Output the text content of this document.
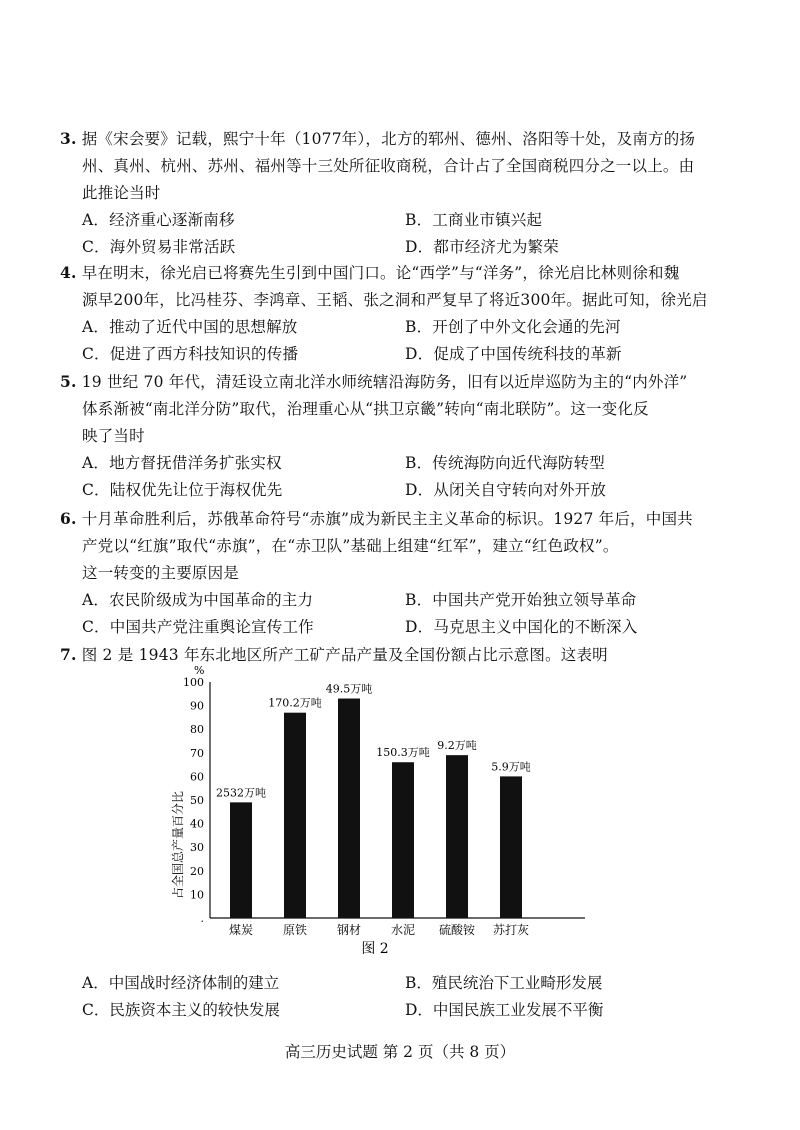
3. 据《宋会要》记载，熙宁十年（1077年），北方的郓州、德州、洛阳等十处，及南方的扬
州、真州、杭州、苏州、福州等十三处所征收商税，合计占了全国商税四分之一以上。由
此推论当时
A．经济重心逐渐南移	B．工商业市镇兴起
C．海外贸易非常活跃	D．都市经济尤为繁荣
4. 早在明末，徐光启已将赛先生引到中国门口。论“西学”与“洋务”，徐光启比林则徐和魏
源早200年，比冯桂芬、李鸿章、王韬、张之洞和严复早了将近300年。据此可知，徐光启
A．推动了近代中国的思想解放	B．开创了中外文化会通的先河
C．促进了西方科技知识的传播	D．促成了中国传统科技的革新
5. 19 世纪 70 年代，清廷设立南北洋水师统辖沿海防务，旧有以近岸巡防为主的“内外洋”
体系渐被“南北洋分防”取代，治理重心从“拱卫京畿”转向“南北联防”。这一变化反
映了当时
A．地方督抚借洋务扩张实权	B．传统海防向近代海防转型
C．陆权优先让位于海权优先	D．从闭关自守转向对外开放
6. 十月革命胜利后，苏俄革命符号“赤旗”成为新民主主义革命的标识。1927 年后，中国共
产党以“红旗”取代“赤旗”，在“赤卫队”基础上组建“红军”，建立“红色政权”。
这一转变的主要原因是
A．农民阶级成为中国革命的主力	B．中国共产党开始独立领导革命
C．中国共产党注重舆论宣传工作	D．马克思主义中国化的不断深入
7. 图 2 是 1943 年东北地区所产工矿产品产量及全国份额占比示意图。这表明
%
占全国总产量百分比
100
90
80
70
60
50
40
30
20
10
.
煤炭 原铁 钢材 水泥 硫酸铵 苏打灰
2532万吨
170.2万吨
49.5万吨
150.3万吨
9.2万吨
5.9万吨
图 2
A．中国战时经济体制的建立	B．殖民统治下工业畸形发展
C．民族资本主义的较快发展	D．中国民族工业发展不平衡
高三历史试题 第 2 页（共 8 页）
